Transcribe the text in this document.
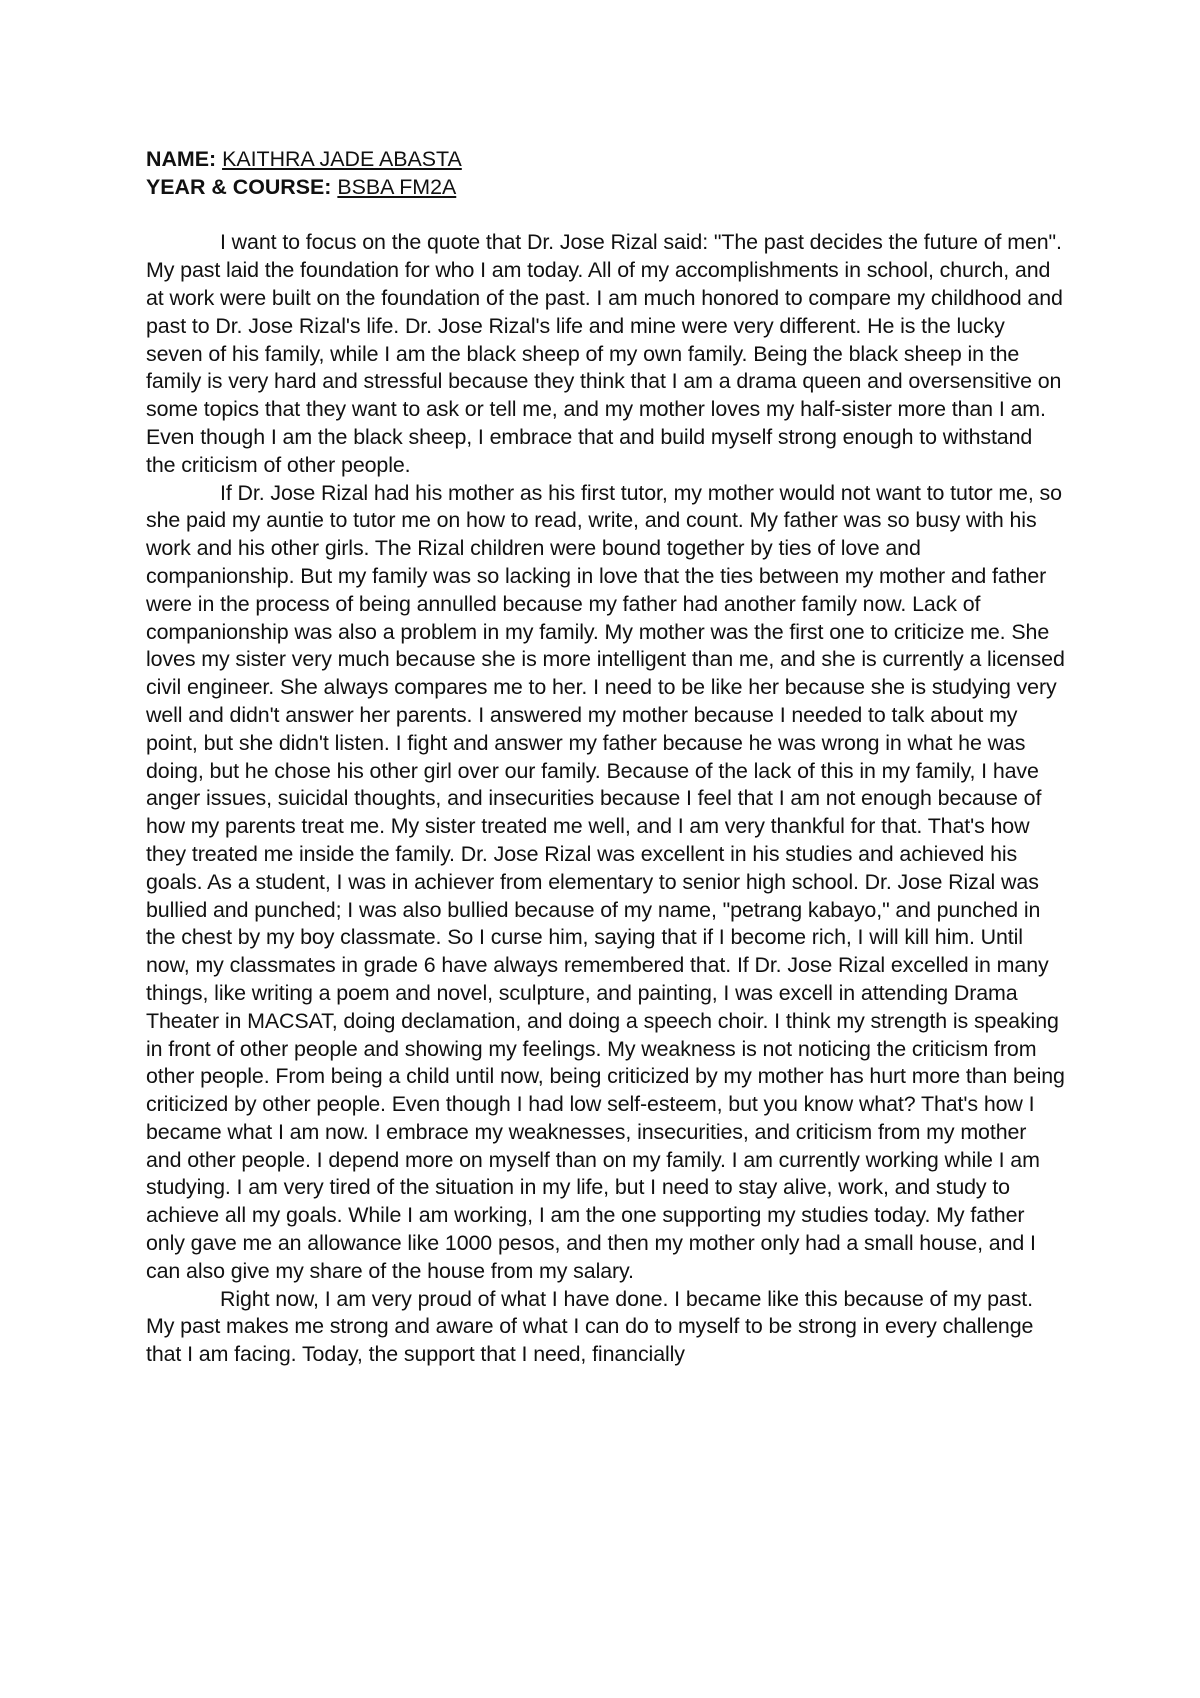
NAME: KAITHRA JADE ABASTA

YEAR & COURSE: BSBA FM2A

I want to focus on the quote that Dr. Jose Rizal said: "The past decides the future of men". My past laid the foundation for who I am today. All of my accomplishments in school, church, and at work were built on the foundation of the past. I am much honored to compare my childhood and past to Dr. Jose Rizal's life. Dr. Jose Rizal's life and mine were very different. He is the lucky seven of his family, while I am the black sheep of my own family. Being the black sheep in the family is very hard and stressful because they think that I am a drama queen and oversensitive on some topics that they want to ask or tell me, and my mother loves my half-sister more than I am. Even though I am the black sheep, I embrace that and build myself strong enough to withstand the criticism of other people.

If Dr. Jose Rizal had his mother as his first tutor, my mother would not want to tutor me, so she paid my auntie to tutor me on how to read, write, and count. My father was so busy with his work and his other girls. The Rizal children were bound together by ties of love and companionship. But my family was so lacking in love that the ties between my mother and father were in the process of being annulled because my father had another family now. Lack of companionship was also a problem in my family. My mother was the first one to criticize me. She loves my sister very much because she is more intelligent than me, and she is currently a licensed civil engineer. She always compares me to her. I need to be like her because she is studying very well and didn't answer her parents. I answered my mother because I needed to talk about my point, but she didn't listen. I fight and answer my father because he was wrong in what he was doing, but he chose his other girl over our family. Because of the lack of this in my family, I have anger issues, suicidal thoughts, and insecurities because I feel that I am not enough because of how my parents treat me. My sister treated me well, and I am very thankful for that. That's how they treated me inside the family. Dr. Jose Rizal was excellent in his studies and achieved his goals. As a student, I was in achiever from elementary to senior high school. Dr. Jose Rizal was bullied and punched; I was also bullied because of my name, "petrang kabayo," and punched in the chest by my boy classmate. So I curse him, saying that if I become rich, I will kill him. Until now, my classmates in grade 6 have always remembered that. If Dr. Jose Rizal excelled in many things, like writing a poem and novel, sculpture, and painting, I was excell in attending Drama Theater in MACSAT, doing declamation, and doing a speech choir. I think my strength is speaking in front of other people and showing my feelings. My weakness is not noticing the criticism from other people. From being a child until now, being criticized by my mother has hurt more than being criticized by other people. Even though I had low self-esteem, but you know what? That's how I became what I am now. I embrace my weaknesses, insecurities, and criticism from my mother and other people. I depend more on myself than on my family. I am currently working while I am studying. I am very tired of the situation in my life, but I need to stay alive, work, and study to achieve all my goals. While I am working, I am the one supporting my studies today. My father only gave me an allowance like 1000 pesos, and then my mother only had a small house, and I can also give my share of the house from my salary.

Right now, I am very proud of what I have done. I became like this because of my past. My past makes me strong and aware of what I can do to myself to be strong in every challenge that I am facing. Today, the support that I need, financially
